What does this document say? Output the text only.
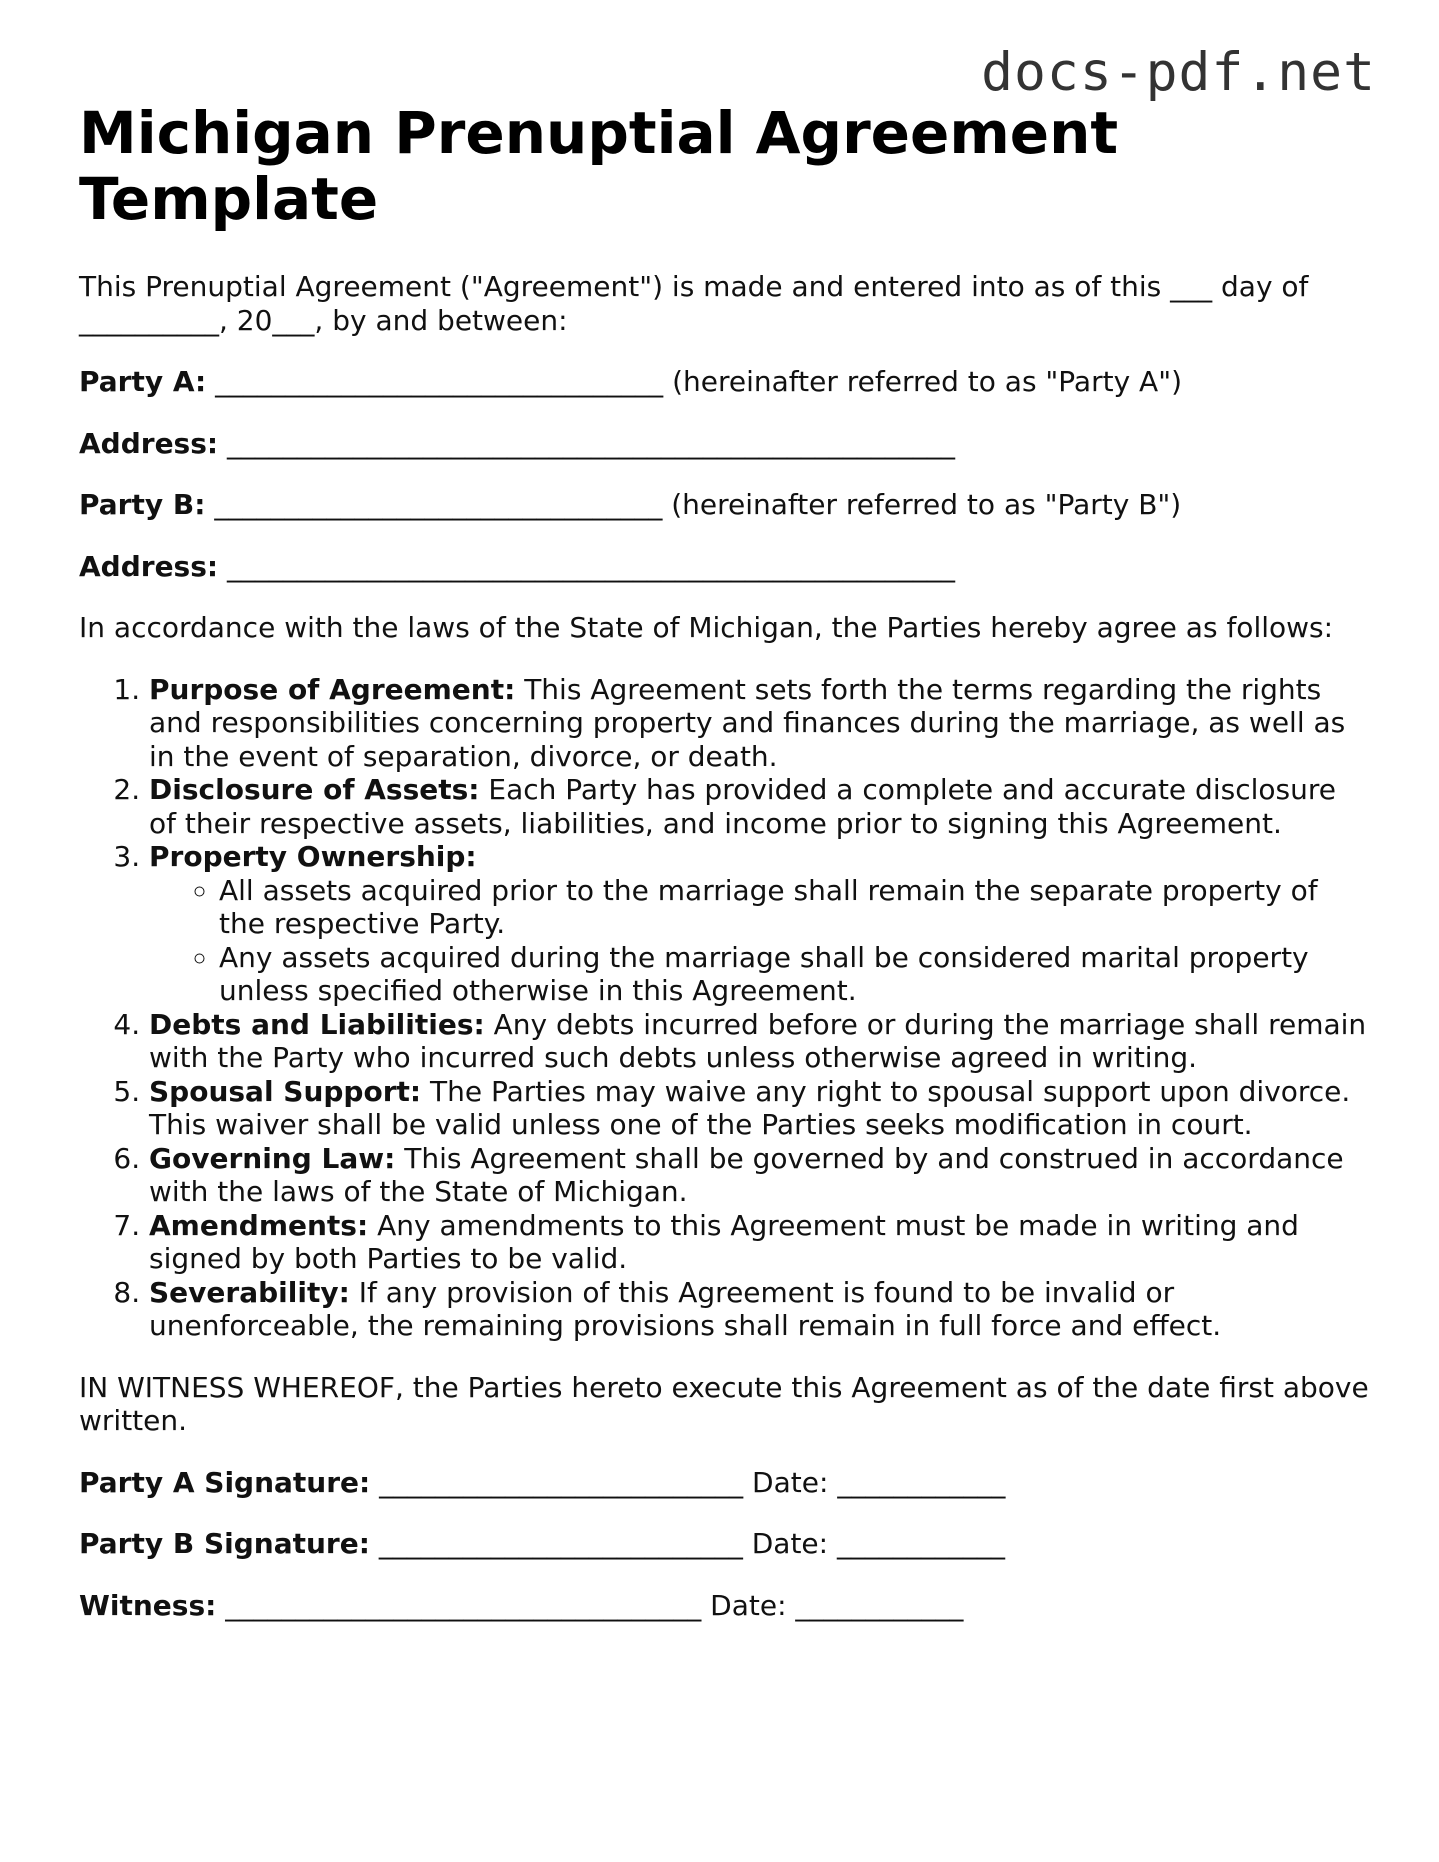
docs-pdf.net
Michigan Prenuptial Agreement Template

This Prenuptial Agreement ("Agreement") is made and entered into as of this ___ day of __________, 20___, by and between:

Party A: ________________________________ (hereinafter referred to as "Party A")

Address: ____________________________________________________

Party B: ________________________________ (hereinafter referred to as "Party B")

Address: ____________________________________________________

In accordance with the laws of the State of Michigan, the Parties hereby agree as follows:

1. Purpose of Agreement: This Agreement sets forth the terms regarding the rights and responsibilities concerning property and finances during the marriage, as well as in the event of separation, divorce, or death.
2. Disclosure of Assets: Each Party has provided a complete and accurate disclosure of their respective assets, liabilities, and income prior to signing this Agreement.
3. Property Ownership:
◦ All assets acquired prior to the marriage shall remain the separate property of the respective Party.
◦ Any assets acquired during the marriage shall be considered marital property unless specified otherwise in this Agreement.
4. Debts and Liabilities: Any debts incurred before or during the marriage shall remain with the Party who incurred such debts unless otherwise agreed in writing.
5. Spousal Support: The Parties may waive any right to spousal support upon divorce. This waiver shall be valid unless one of the Parties seeks modification in court.
6. Governing Law: This Agreement shall be governed by and construed in accordance with the laws of the State of Michigan.
7. Amendments: Any amendments to this Agreement must be made in writing and signed by both Parties to be valid.
8. Severability: If any provision of this Agreement is found to be invalid or unenforceable, the remaining provisions shall remain in full force and effect.

IN WITNESS WHEREOF, the Parties hereto execute this Agreement as of the date first above written.

Party A Signature: __________________________ Date: ____________

Party B Signature: __________________________ Date: ____________

Witness: __________________________________ Date: ____________
